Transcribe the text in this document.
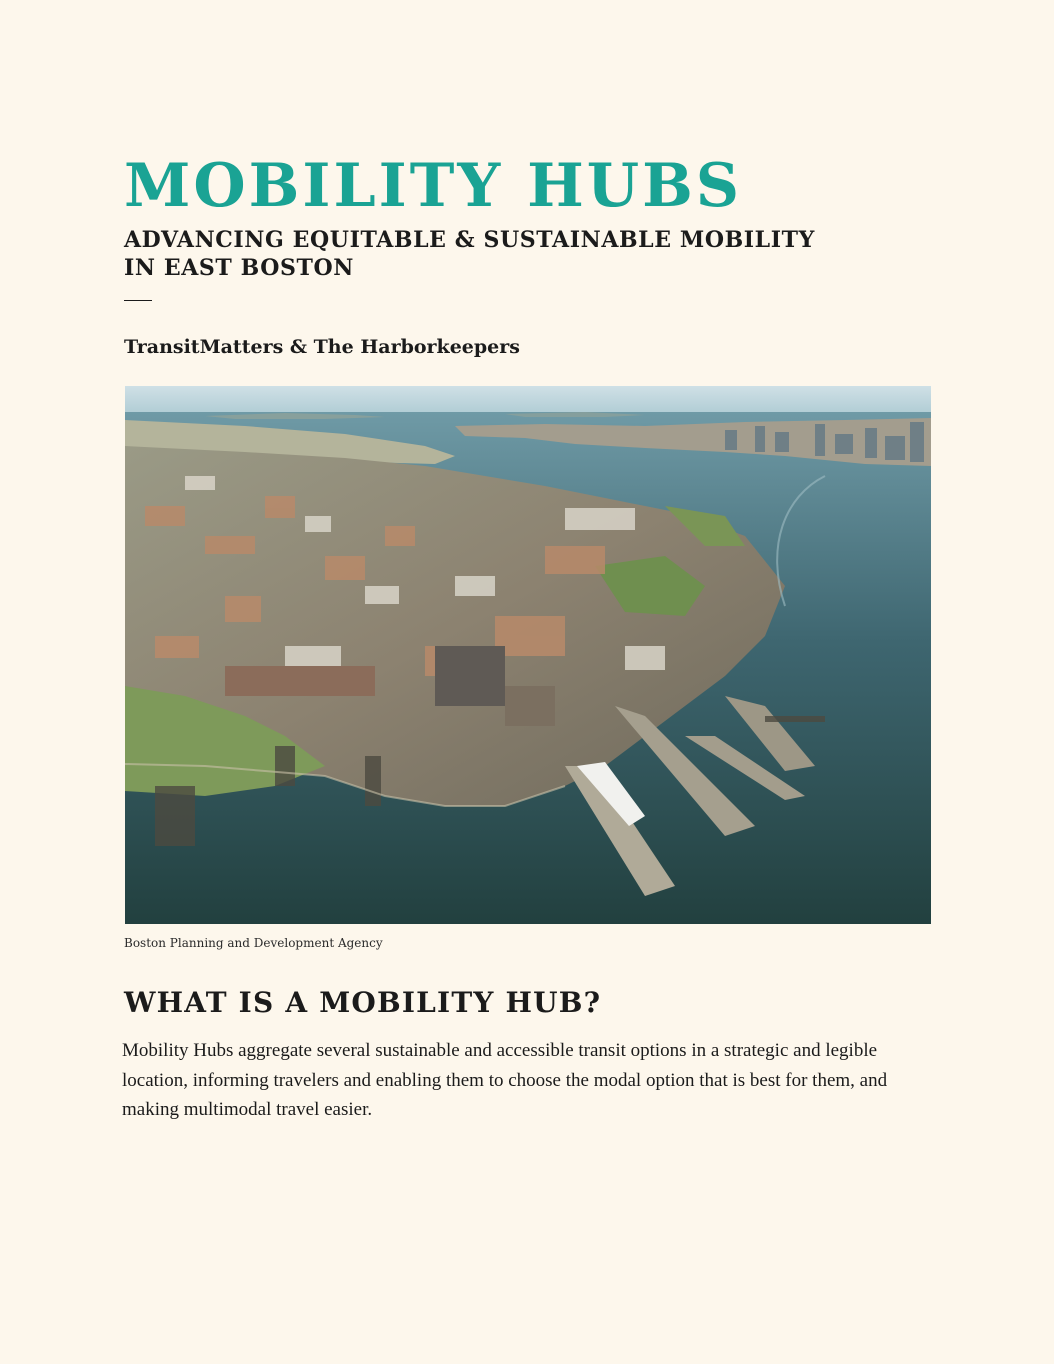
MOBILITY HUBS
ADVANCING EQUITABLE & SUSTAINABLE MOBILITY
IN EAST BOSTON

TransitMatters & The Harborkeepers

Boston Planning and Development Agency

WHAT IS A MOBILITY HUB?

Mobility Hubs aggregate several sustainable and accessible transit options in a strategic and legible location, informing travelers and enabling them to choose the modal option that is best for them, and making multimodal travel easier.
